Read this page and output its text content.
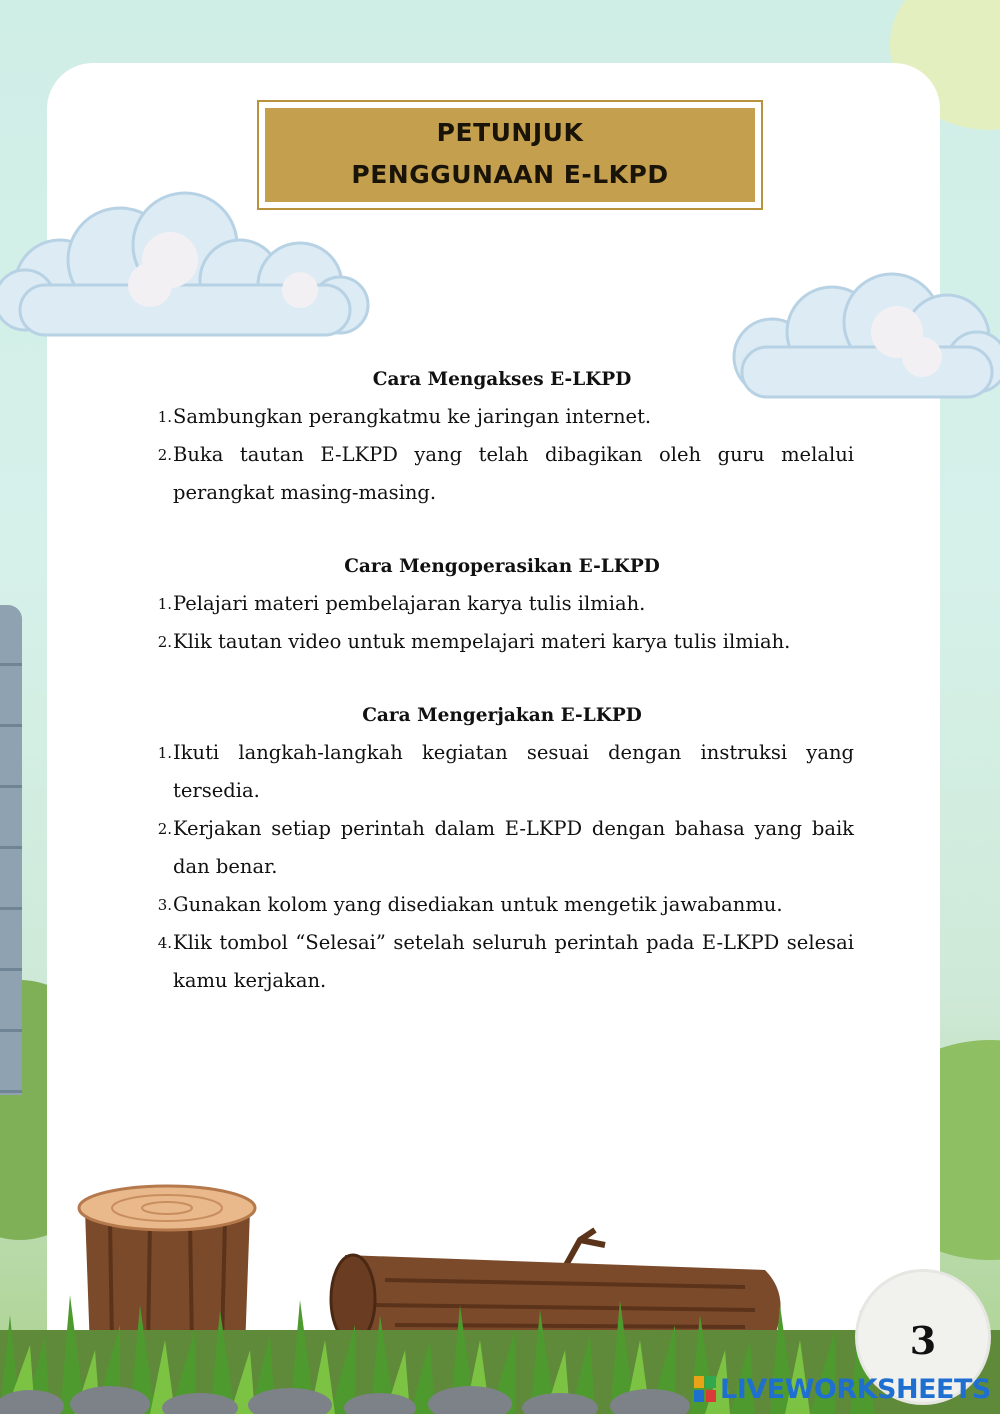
PETUNJUK
PENGGUNAAN E-LKPD

Cara Mengakses E-LKPD

1. Sambungkan perangkatmu ke jaringan internet.
2. Buka tautan E-LKPD yang telah dibagikan oleh guru melalui perangkat masing-masing.

Cara Mengoperasikan E-LKPD

1. Pelajari materi pembelajaran karya tulis ilmiah.
2. Klik tautan video untuk mempelajari materi karya tulis ilmiah.

Cara Mengerjakan E-LKPD

1. Ikuti langkah-langkah kegiatan sesuai dengan instruksi yang tersedia.
2. Kerjakan setiap perintah dalam E-LKPD dengan bahasa yang baik dan benar.
3. Gunakan kolom yang disediakan untuk mengetik jawabanmu.
4. Klik tombol “Selesai” setelah seluruh perintah pada E-LKPD selesai kamu kerjakan.
3
LIVEWORKSHEETS
